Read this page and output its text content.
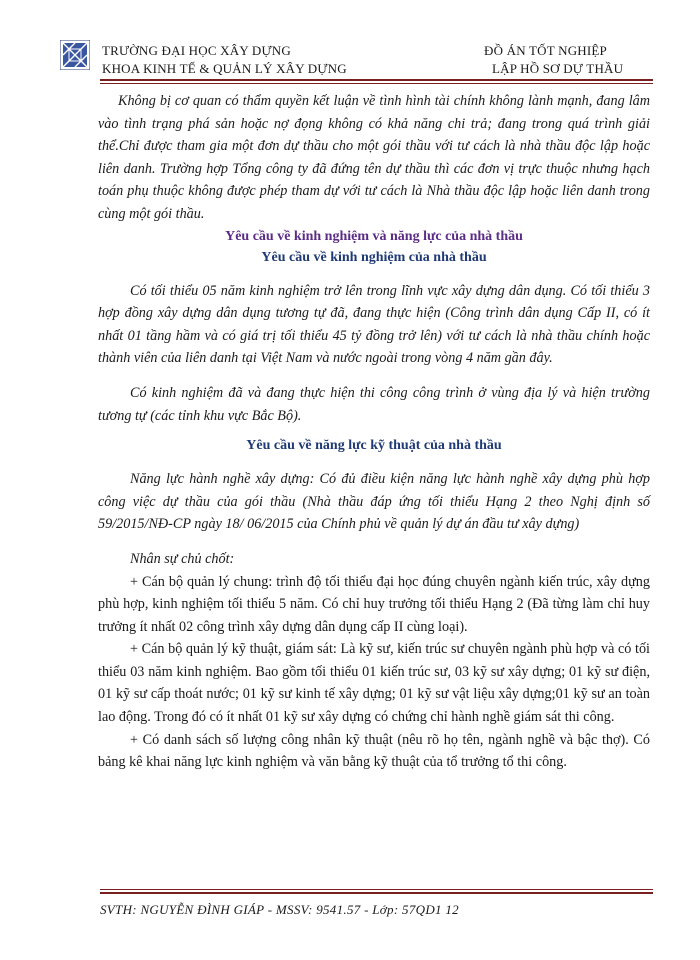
TRƯỜNG ĐẠI HỌC XÂY DỰNG
KHOA KINH TẾ & QUẢN LÝ XÂY DỰNG
ĐỒ ÁN TỐT NGHIỆP
LẬP HỒ SƠ DỰ THẦU

Không bị cơ quan có thẩm quyền kết luận về tình hình tài chính không lành mạnh, đang lâm vào tình trạng phá sản hoặc nợ đọng không có khả năng chi trả; đang trong quá trình giải thể.Chỉ được tham gia một đơn dự thầu cho một gói thầu với tư cách là nhà thầu độc lập hoặc liên danh. Trường hợp Tổng công ty đã đứng tên dự thầu thì các đơn vị trực thuộc nhưng hạch toán phụ thuộc không được phép tham dự với tư cách là Nhà thầu độc lập hoặc liên danh trong cùng một gói thầu.

Yêu cầu về kinh nghiệm và năng lực của nhà thầu

Yêu cầu về kinh nghiệm của nhà thầu

Có tối thiểu 05 năm kinh nghiệm trở lên trong lĩnh vực xây dựng dân dụng. Có tối thiểu 3 hợp đồng xây dựng dân dụng tương tự đã, đang thực hiện (Công trình dân dụng Cấp II, có ít nhất 01 tầng hầm và có giá trị tối thiểu 45 tỷ đồng trở lên) với tư cách là nhà thầu chính hoặc thành viên của liên danh tại Việt Nam và nước ngoài trong vòng 4 năm gần đây.

Có kinh nghiệm đã và đang thực hiện thi công công trình ở vùng địa lý và hiện trường tương tự (các tỉnh khu vực Bắc Bộ).

Yêu cầu về năng lực kỹ thuật của nhà thầu

Năng lực hành nghề xây dựng: Có đủ điều kiện năng lực hành nghề xây dựng phù hợp công việc dự thầu của gói thầu (Nhà thầu đáp ứng tối thiểu Hạng 2 theo Nghị định số 59/2015/NĐ-CP ngày 18/ 06/2015 của Chính phủ về quản lý dự án đầu tư xây dựng)

Nhân sự chủ chốt:

+ Cán bộ quản lý chung: trình độ tối thiểu đại học đúng chuyên ngành kiến trúc, xây dựng phù hợp, kinh nghiệm tối thiểu 5 năm. Có chỉ huy trưởng tối thiểu Hạng 2 (Đã từng làm chỉ huy trưởng ít nhất 02 công trình xây dựng dân dụng cấp II cùng loại).

+ Cán bộ quản lý kỹ thuật, giám sát: Là kỹ sư, kiến trúc sư chuyên ngành phù hợp và có tối thiểu 03 năm kinh nghiệm. Bao gồm tối thiểu 01 kiến trúc sư, 03 kỹ sư xây dựng; 01 kỹ sư điện, 01 kỹ sư cấp thoát nước; 01 kỹ sư kinh tế xây dựng; 01 kỹ sư vật liệu xây dựng;01 kỹ sư an toàn lao động. Trong đó có ít nhất 01 kỹ sư xây dựng có chứng chỉ hành nghề giám sát thi công.

+ Có danh sách số lượng công nhân kỹ thuật (nêu rõ họ tên, ngành nghề và bậc thợ). Có bảng kê khai năng lực kinh nghiệm và văn bằng kỹ thuật của tổ trưởng tổ thi công.

SVTH: NGUYỄN ĐÌNH GIÁP - MSSV: 9541.57 - Lớp: 57QD1 12
